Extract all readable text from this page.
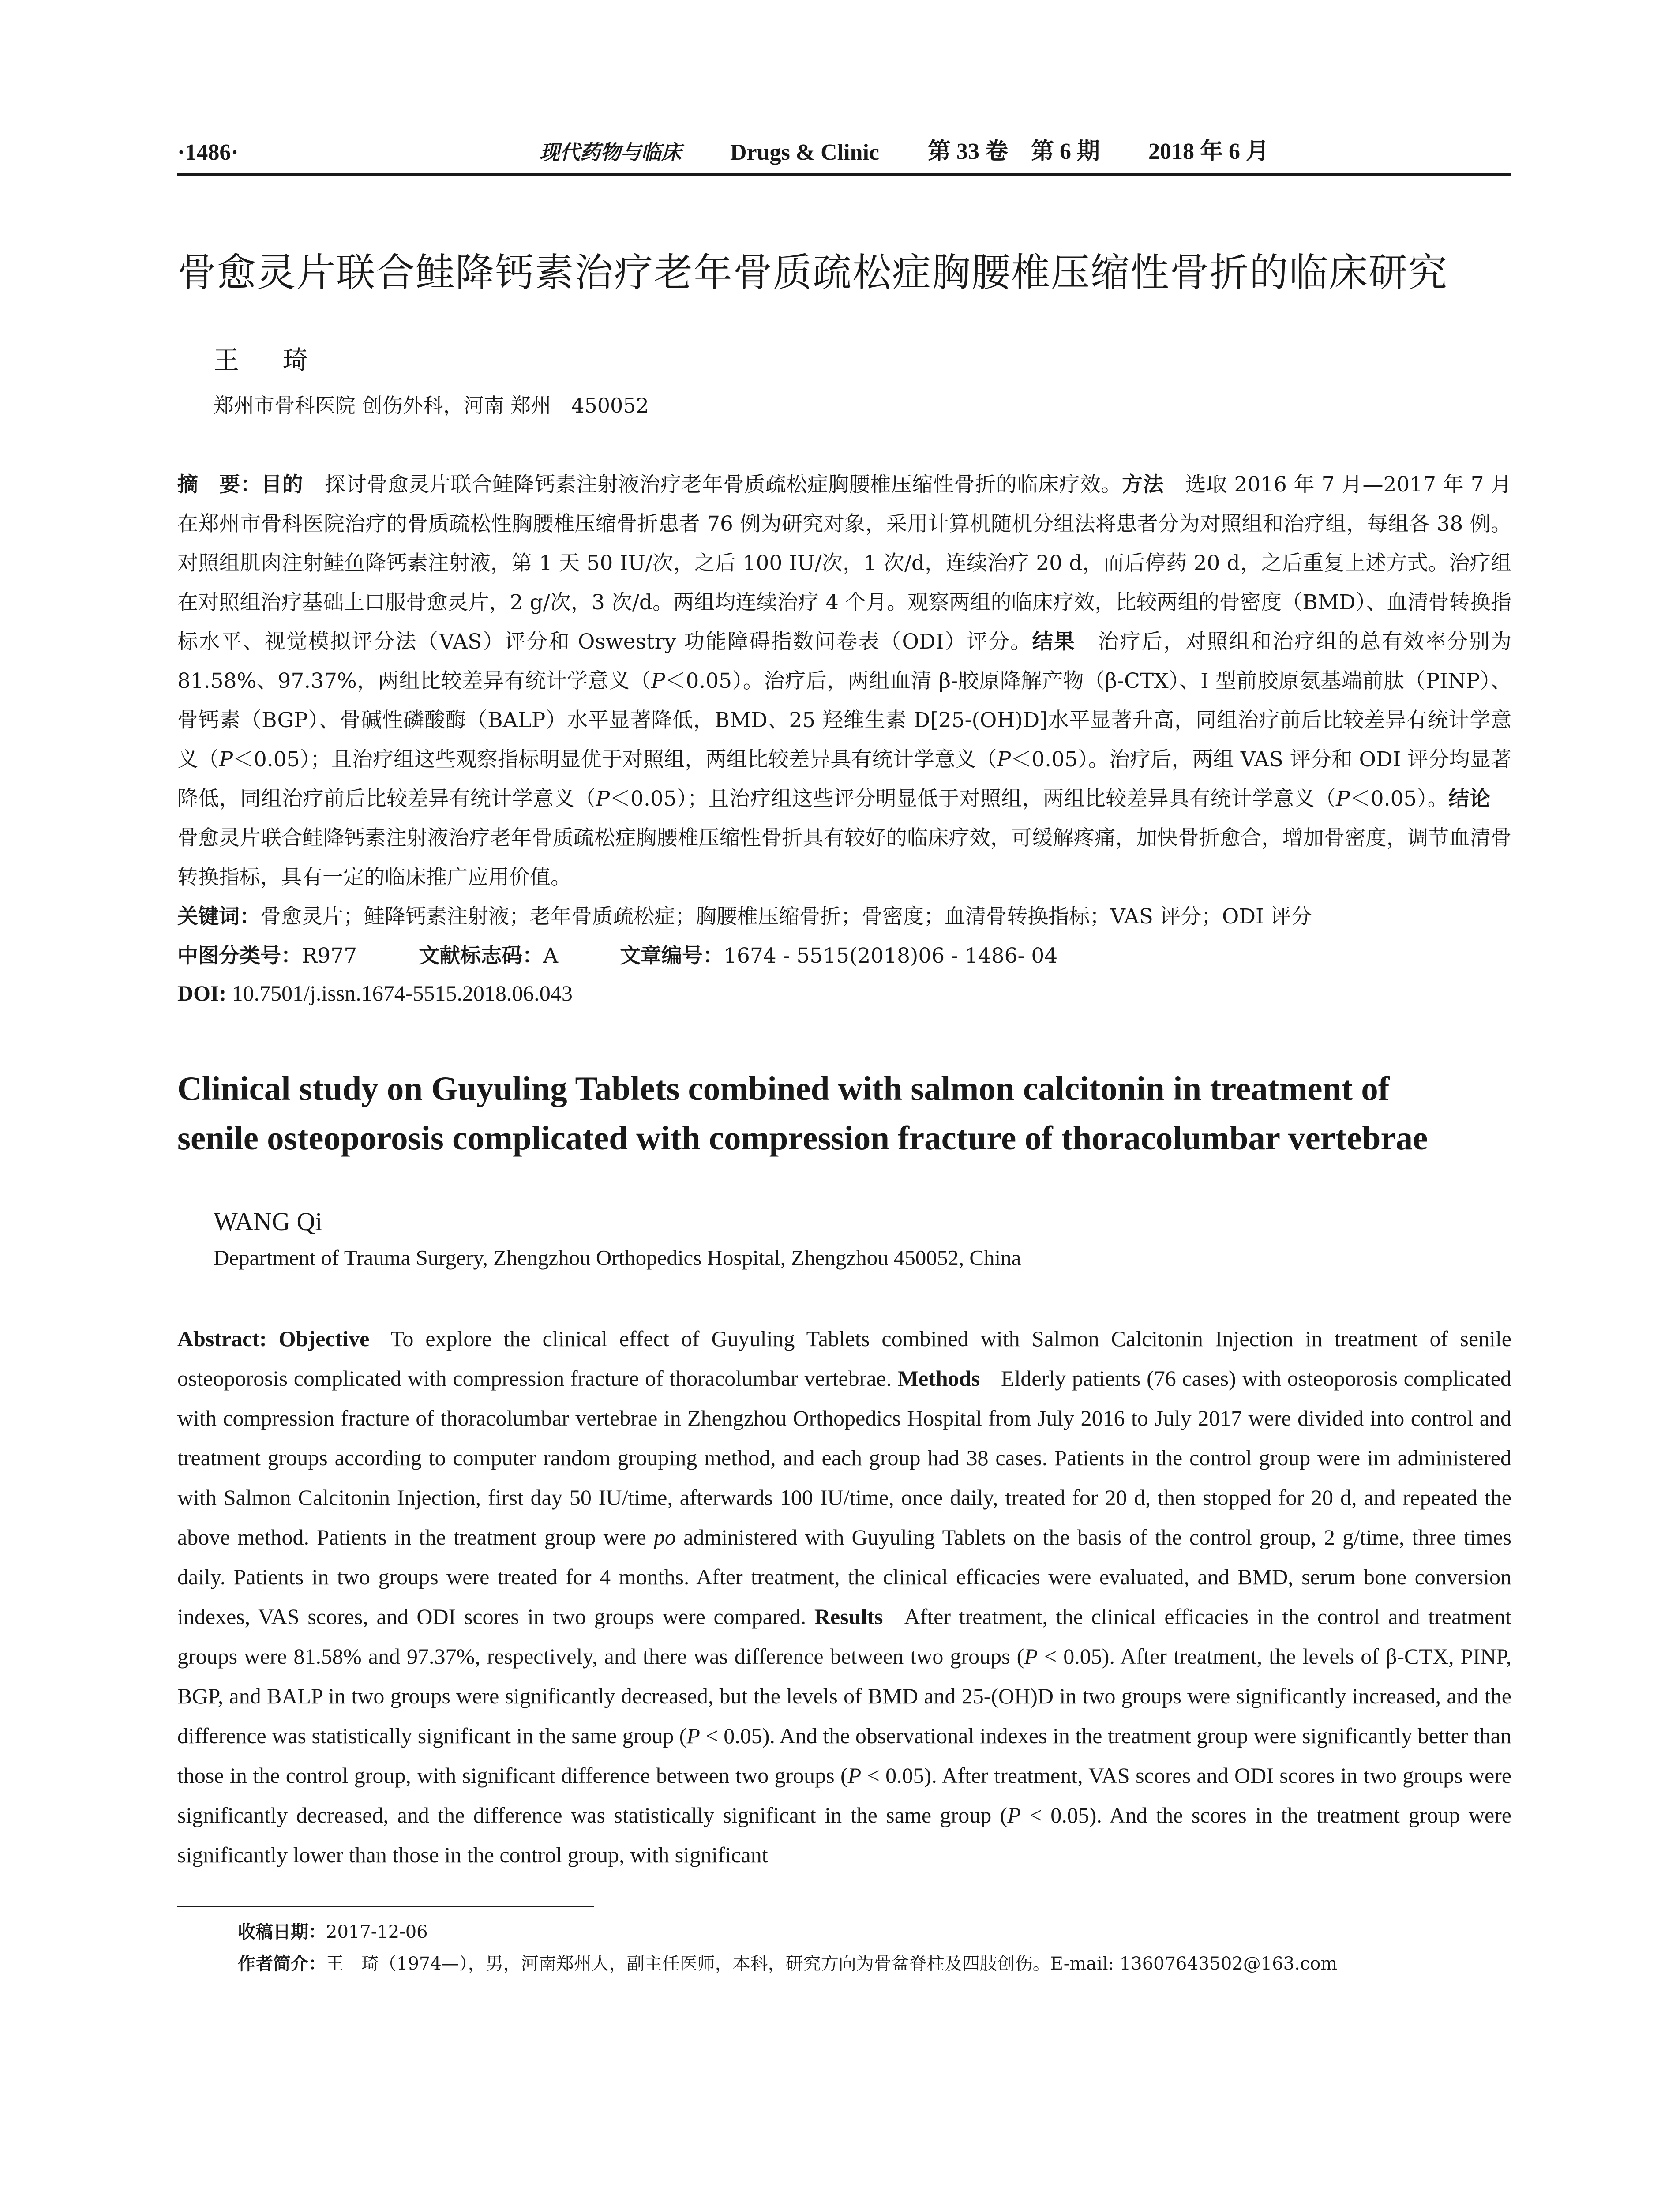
·1486·	现代药物与临床 Drugs & Clinic 第 33 卷　第 6 期 2018 年 6 月
骨愈灵片联合鲑降钙素治疗老年骨质疏松症胸腰椎压缩性骨折的临床研究
王 琦
郑州市骨科医院 创伤外科，河南 郑州　450052
摘　要：目的 探讨骨愈灵片联合鲑降钙素注射液治疗老年骨质疏松症胸腰椎压缩性骨折的临床疗效。方法 选取 2016 年 7 月—2017 年 7 月在郑州市骨科医院治疗的骨质疏松性胸腰椎压缩骨折患者 76 例为研究对象，采用计算机随机分组法将患者分为对照组和治疗组，每组各 38 例。对照组肌肉注射鲑鱼降钙素注射液，第 1 天 50 IU/次，之后 100 IU/次，1 次/d，连续治疗 20 d，而后停药 20 d，之后重复上述方式。治疗组在对照组治疗基础上口服骨愈灵片，2 g/次，3 次/d。两组均连续治疗 4 个月。观察两组的临床疗效，比较两组的骨密度（BMD）、血清骨转换指标水平、视觉模拟评分法（VAS）评分和 Oswestry 功能障碍指数问卷表（ODI）评分。结果 治疗后，对照组和治疗组的总有效率分别为 81.58%、97.37%，两组比较差异有统计学意义（P＜0.05）。治疗后，两组血清 β-胶原降解产物（β-CTX）、I 型前胶原氨基端前肽（PINP）、骨钙素（BGP）、骨碱性磷酸酶（BALP）水平显著降低，BMD、25 羟维生素 D[25-(OH)D]水平显著升高，同组治疗前后比较差异有统计学意义（P＜0.05）；且治疗组这些观察指标明显优于对照组，两组比较差异具有统计学意义（P＜0.05）。治疗后，两组 VAS 评分和 ODI 评分均显著降低，同组治疗前后比较差异有统计学意义（P＜0.05）；且治疗组这些评分明显低于对照组，两组比较差异具有统计学意义（P＜0.05）。结论骨愈灵片联合鲑降钙素注射液治疗老年骨质疏松症胸腰椎压缩性骨折具有较好的临床疗效，可缓解疼痛，加快骨折愈合，增加骨密度，调节血清骨转换指标，具有一定的临床推广应用价值。
关键词：骨愈灵片；鲑降钙素注射液；老年骨质疏松症；胸腰椎压缩骨折；骨密度；血清骨转换指标；VAS 评分；ODI 评分
中图分类号：R977	文献标志码：A	文章编号：1674 - 5515(2018)06 - 1486- 04
DOI: 10.7501/j.issn.1674-5515.2018.06.043
Clinical study on Guyuling Tablets combined with salmon calcitonin in treatment of
senile osteoporosis complicated with compression fracture of thoracolumbar vertebrae
WANG Qi
Department of Trauma Surgery, Zhengzhou Orthopedics Hospital, Zhengzhou 450052, China
Abstract: Objective To explore the clinical effect of Guyuling Tablets combined with Salmon Calcitonin Injection in treatment of senile osteoporosis complicated with compression fracture of thoracolumbar vertebrae. Methods Elderly patients (76 cases) with osteoporosis complicated with compression fracture of thoracolumbar vertebrae in Zhengzhou Orthopedics Hospital from July 2016 to July 2017 were divided into control and treatment groups according to computer random grouping method, and each group had 38 cases. Patients in the control group were im administered with Salmon Calcitonin Injection, first day 50 IU/time, afterwards 100 IU/time, once daily, treated for 20 d, then stopped for 20 d, and repeated the above method. Patients in the treatment group were po administered with Guyuling Tablets on the basis of the control group, 2 g/time, three times daily. Patients in two groups were treated for 4 months. After treatment, the clinical efficacies were evaluated, and BMD, serum bone conversion indexes, VAS scores, and ODI scores in two groups were compared. Results After treatment, the clinical efficacies in the control and treatment groups were 81.58% and 97.37%, respectively, and there was difference between two groups (P < 0.05). After treatment, the levels of β-CTX, PINP, BGP, and BALP in two groups were significantly decreased, but the levels of BMD and 25-(OH)D in two groups were significantly increased, and the difference was statistically significant in the same group (P < 0.05). And the observational indexes in the treatment group were significantly better than those in the control group, with significant difference between two groups (P < 0.05). After treatment, VAS scores and ODI scores in two groups were significantly decreased, and the difference was statistically significant in the same group (P < 0.05). And the scores in the treatment group were significantly lower than those in the control group, with significant
收稿日期：2017-12-06
作者简介：王　琦（1974—），男，河南郑州人，副主任医师，本科，研究方向为骨盆脊柱及四肢创伤。E-mail: 13607643502@163.com
